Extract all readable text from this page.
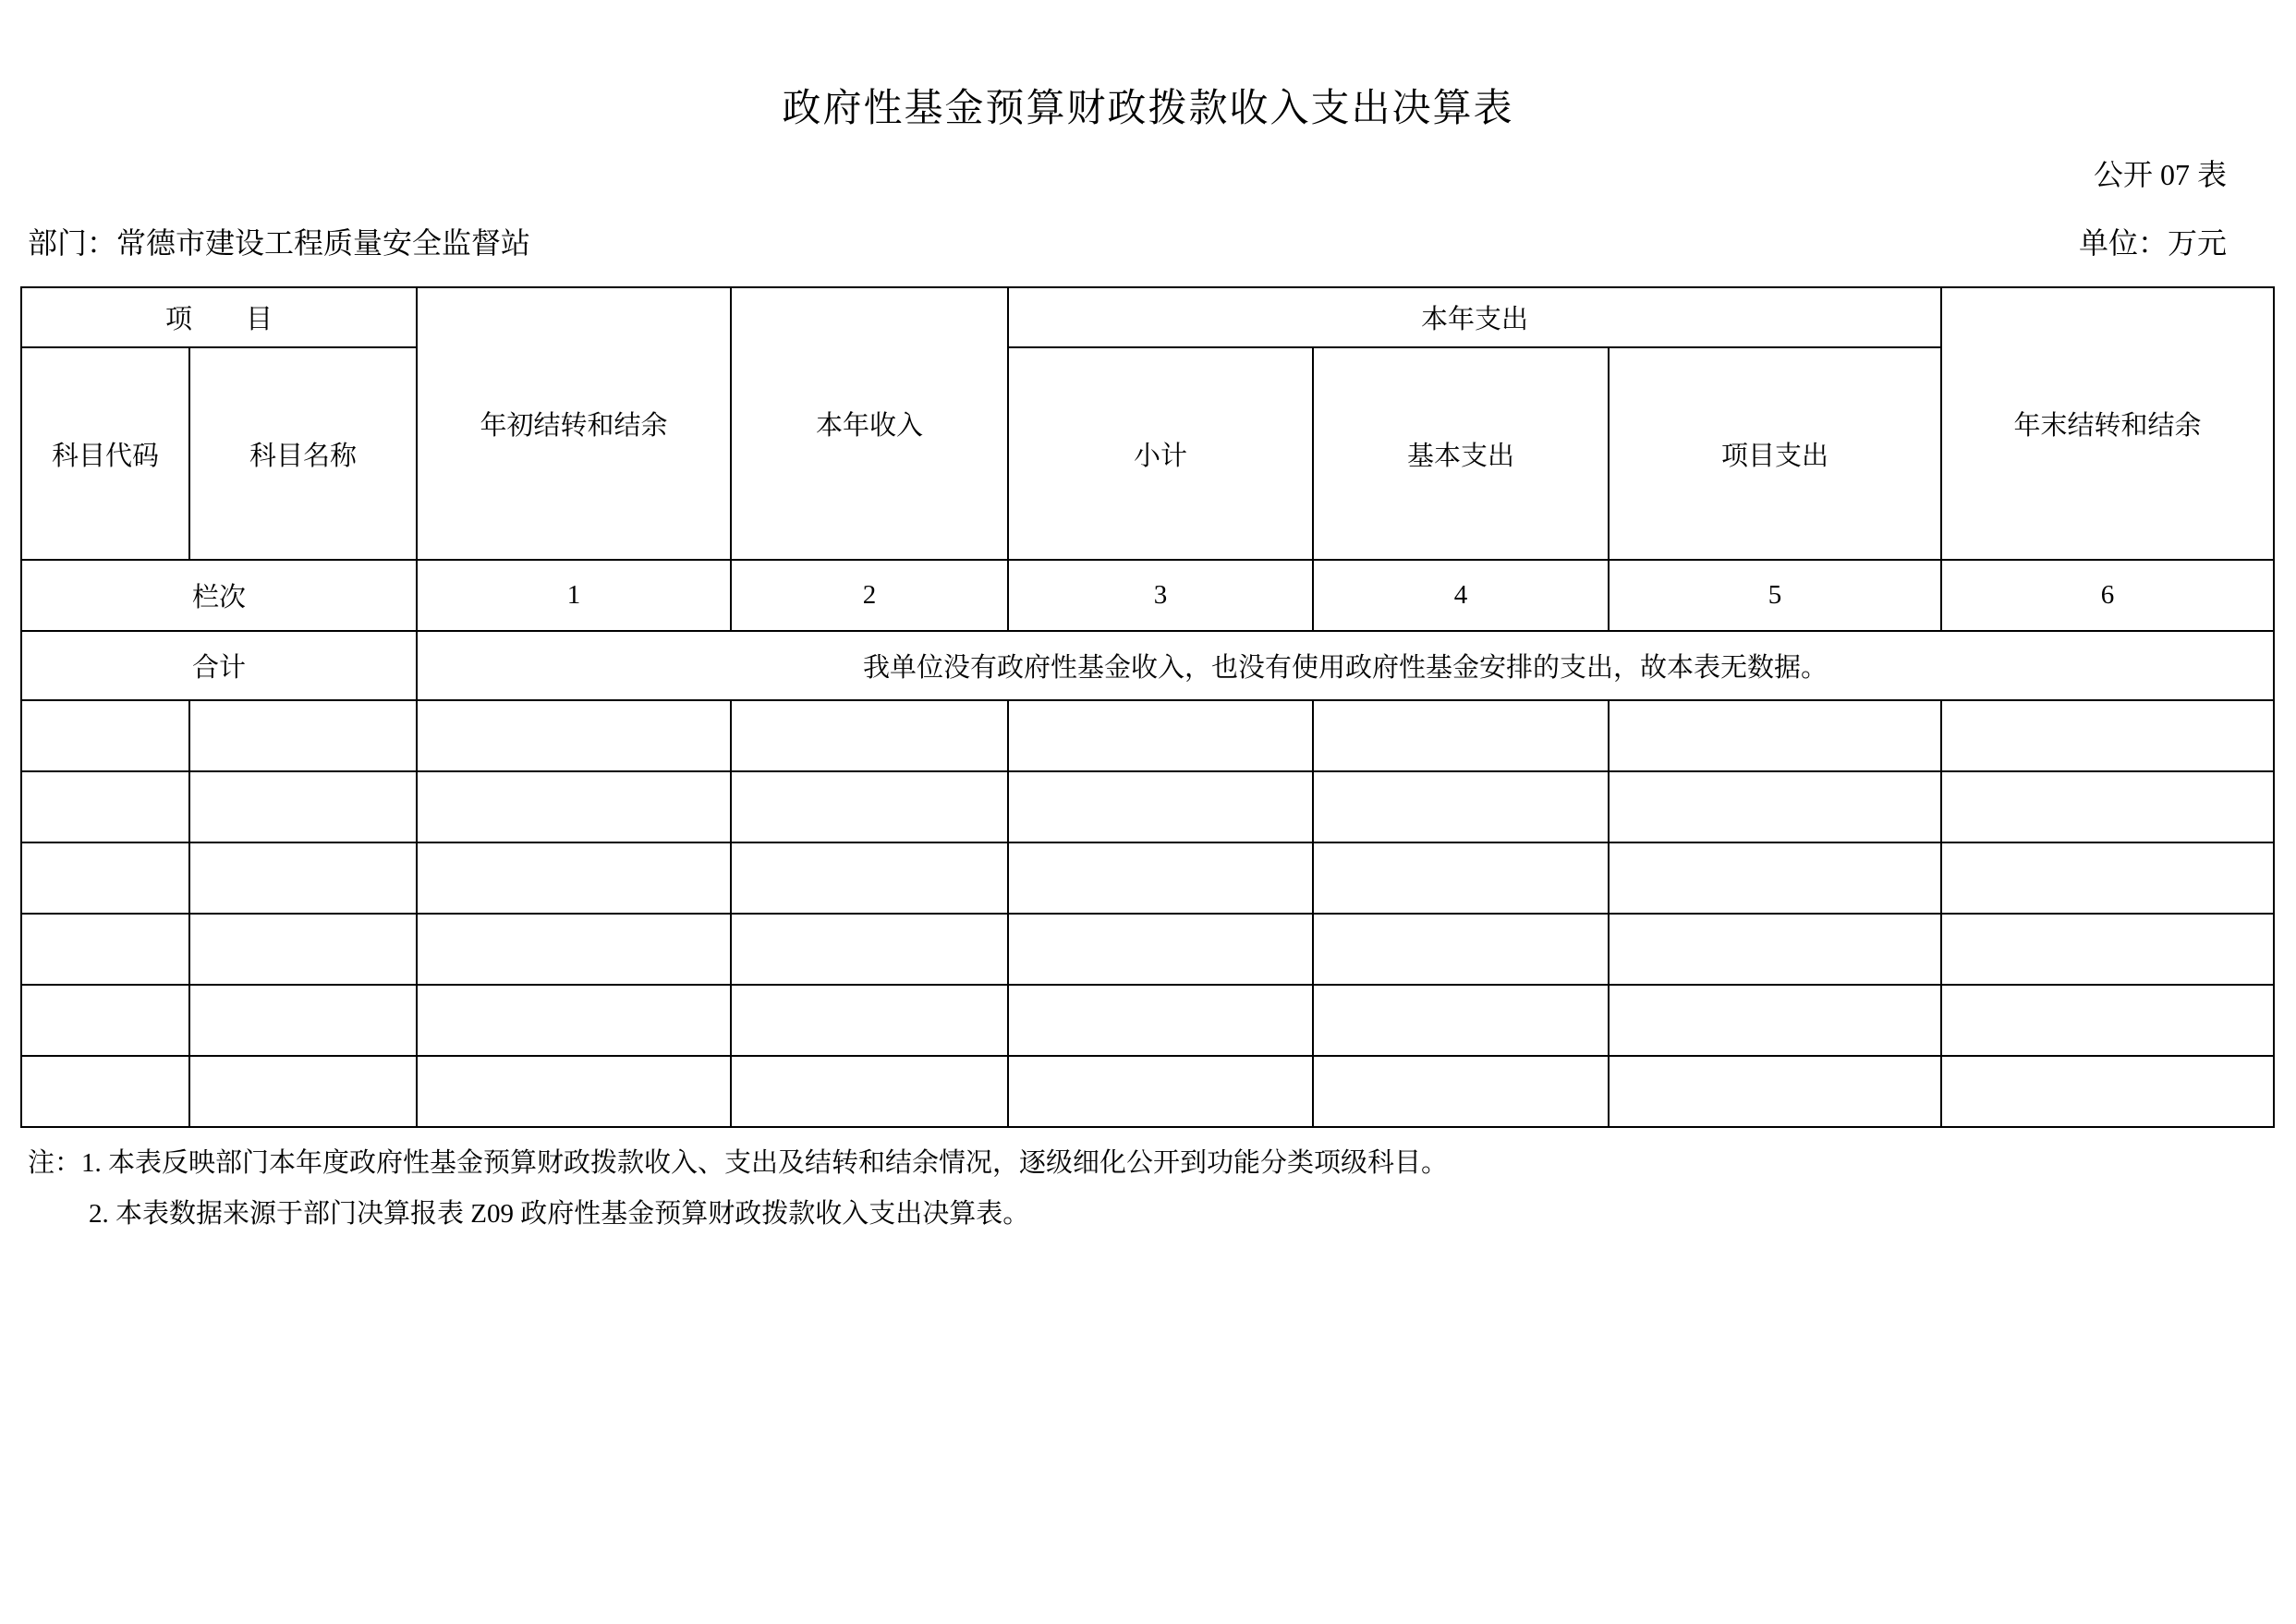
政府性基金预算财政拨款收入支出决算表
公开 07 表
部门：常德市建设工程质量安全监督站	单位：万元
项　　目		年初结转和结余	本年收入	本年支出			年末结转和结余
科目代码	科目名称			小计	基本支出	项目支出	
栏次		1	2	3	4	5	6
合计		我单位没有政府性基金收入，也没有使用政府性基金安排的支出，故本表无数据。					

注：1. 本表反映部门本年度政府性基金预算财政拨款收入、支出及结转和结余情况，逐级细化公开到功能分类项级科目。
2. 本表数据来源于部门决算报表 Z09 政府性基金预算财政拨款收入支出决算表。
